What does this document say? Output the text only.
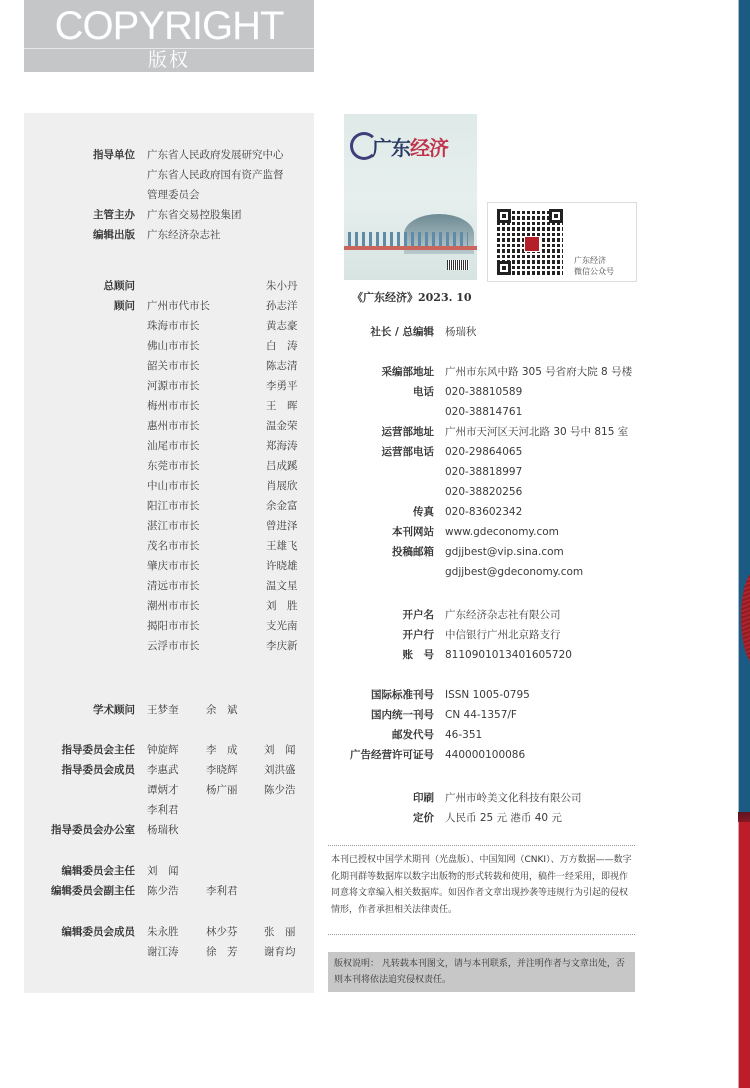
COPYRIGHT
版权
指导单位 广东省人民政府发展研究中心
广东省人民政府国有资产监督
管理委员会
主管主办 广东省交易控股集团
编辑出版 广东经济杂志社
总顾问	朱小丹
顾问 广州市代市长	孙志洋
珠海市市长	黄志豪
佛山市市长	白　涛
韶关市市长	陈志清
河源市市长	李勇平
梅州市市长	王　晖
惠州市市长	温金荣
汕尾市市长	郑海涛
东莞市市长	吕成蹊
中山市市长	肖展欣
阳江市市长	余金富
湛江市市长	曾进泽
茂名市市长	王雄飞
肇庆市市长	许晓雄
清远市市长	温文星
潮州市市长	刘　胜
揭阳市市长	支光南
云浮市市长	李庆新
学术顾问 王梦奎	余　斌
指导委员会主任 钟旋辉	李　成	刘　闻
指导委员会成员 李惠武	李晓辉	刘洪盛
谭炳才	杨广丽	陈少浩
李利君
指导委员会办公室 杨瑞秋
编辑委员会主任 刘　闻
编辑委员会副主任 陈少浩	李利君
编辑委员会成员 朱永胜	林少芬	张　丽
谢江涛	徐　芳	谢育均
广东经济
《广东经济》2023. 10
广东经济
微信公众号
社长 / 总编辑 杨瑞秋
采编部地址 广州市东风中路 305 号省府大院 8 号楼
电话 020-38810589
020-38814761
运营部地址 广州市天河区天河北路 30 号中 815 室
运营部电话 020-29864065
020-38818997
020-38820256
传真 020-83602342
本刊网站 www.gdeconomy.com
投稿邮箱 gdjjbest@vip.sina.com
gdjjbest@gdeconomy.com
开户名 广东经济杂志社有限公司
开户行 中信银行广州北京路支行
账　号 8110901013401605720
国际标准刊号 ISSN 1005-0795
国内统一刊号 CN 44-1357/F
邮发代号 46-351
广告经营许可证号 440000100086
印刷 广州市岭美文化科技有限公司
定价 人民币 25 元 港币 40 元
本刊已授权中国学术期刊（光盘版）、中国知网（CNKI）、万方数据——数字化期刊群等数据库以数字出版物的形式转载和使用，稿件一经采用，即视作同意将文章编入相关数据库。如因作者文章出现抄袭等违规行为引起的侵权情形，作者承担相关法律责任。
版权说明： 凡转载本刊图文，请与本刊联系，并注明作者与文章出处，否则本刊将依法追究侵权责任。
